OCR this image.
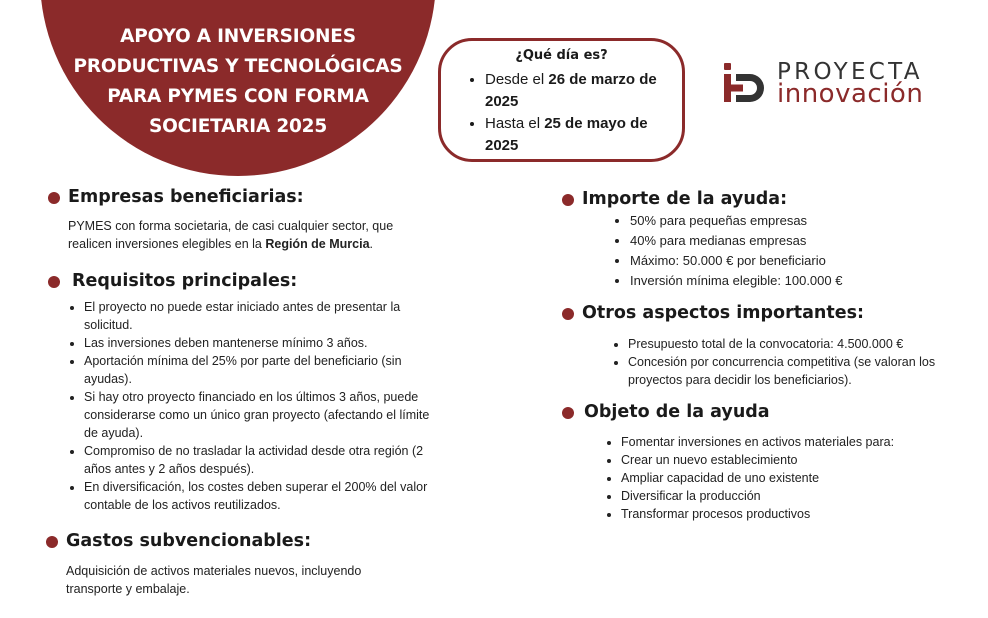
APOYO A INVERSIONES PRODUCTIVAS Y TECNOLÓGICAS PARA PYMES CON FORMA SOCIETARIA 2025
¿Qué día es?
• Desde el 26 de marzo de 2025
• Hasta el 25 de mayo de 2025
PROYECTA
innovación
Empresas beneficiarias:
PYMES con forma societaria, de casi cualquier sector, que realicen inversiones elegibles en la Región de Murcia.
Requisitos principales:
• El proyecto no puede estar iniciado antes de presentar la solicitud.
• Las inversiones deben mantenerse mínimo 3 años.
• Aportación mínima del 25% por parte del beneficiario (sin ayudas).
• Si hay otro proyecto financiado en los últimos 3 años, puede considerarse como un único gran proyecto (afectando el límite de ayuda).
• Compromiso de no trasladar la actividad desde otra región (2 años antes y 2 años después).
• En diversificación, los costes deben superar el 200% del valor contable de los activos reutilizados.
Gastos subvencionables:
Adquisición de activos materiales nuevos, incluyendo transporte y embalaje.
Importe de la ayuda:
• 50% para pequeñas empresas
• 40% para medianas empresas
• Máximo: 50.000 € por beneficiario
• Inversión mínima elegible: 100.000 €
Otros aspectos importantes:
• Presupuesto total de la convocatoria: 4.500.000 €
• Concesión por concurrencia competitiva (se valoran los proyectos para decidir los beneficiarios).
Objeto de la ayuda
• Fomentar inversiones en activos materiales para:
• Crear un nuevo establecimiento
• Ampliar capacidad de uno existente
• Diversificar la producción
• Transformar procesos productivos
